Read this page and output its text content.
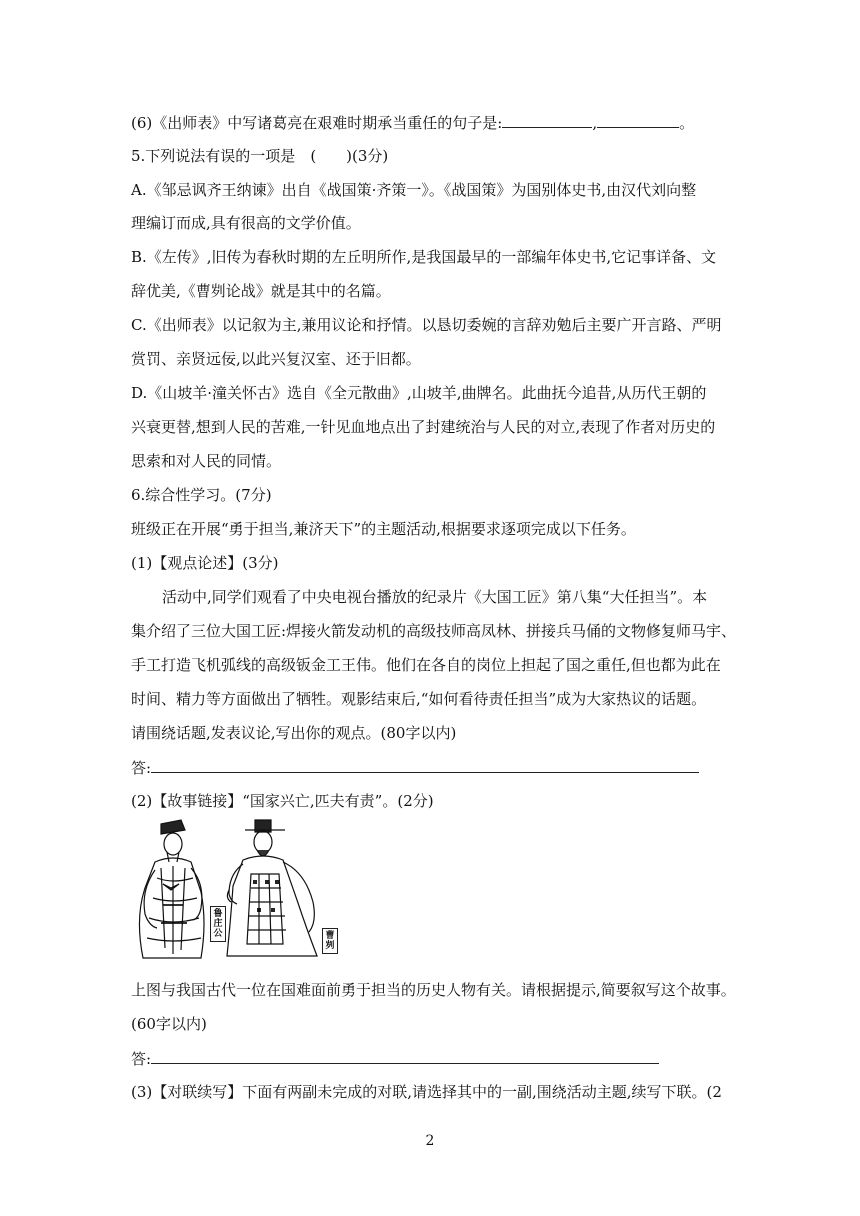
(6)《出师表》中写诸葛亮在艰难时期承当重任的句子是:	,	。
5.下列说法有误的一项是　(　　)(3分)
A.《邹忌讽齐王纳谏》出自《战国策·齐策一》。《战国策》为国别体史书,由汉代刘向整
理编订而成,具有很高的文学价值。
B.《左传》,旧传为春秋时期的左丘明所作,是我国最早的一部编年体史书,它记事详备、文
辞优美,《曹刿论战》就是其中的名篇。
C.《出师表》以记叙为主,兼用议论和抒情。以恳切委婉的言辞劝勉后主要广开言路、严明
赏罚、亲贤远佞,以此兴复汉室、还于旧都。
D.《山坡羊·潼关怀古》选自《全元散曲》,山坡羊,曲牌名。此曲抚今追昔,从历代王朝的
兴衰更替,想到人民的苦难,一针见血地点出了封建统治与人民的对立,表现了作者对历史的
思索和对人民的同情。
6.综合性学习。(7分)
班级正在开展“勇于担当,兼济天下”的主题活动,根据要求逐项完成以下任务。
(1)【观点论述】(3分)
活动中,同学们观看了中央电视台播放的纪录片《大国工匠》第八集“大任担当”。本
集介绍了三位大国工匠:焊接火箭发动机的高级技师高凤林、拼接兵马俑的文物修复师马宇、
手工打造飞机弧线的高级钣金工王伟。他们在各自的岗位上担起了国之重任,但也都为此在
时间、精力等方面做出了牺牲。观影结束后,“如何看待责任担当”成为大家热议的话题。
请围绕话题,发表议论,写出你的观点。(80字以内)
答:
(2)【故事链接】“国家兴亡,匹夫有责”。(2分)
鲁庄公	曹刿
上图与我国古代一位在国难面前勇于担当的历史人物有关。请根据提示,简要叙写这个故事。
(60字以内)
答:
(3)【对联续写】下面有两副未完成的对联,请选择其中的一副,围绕活动主题,续写下联。(2
2
